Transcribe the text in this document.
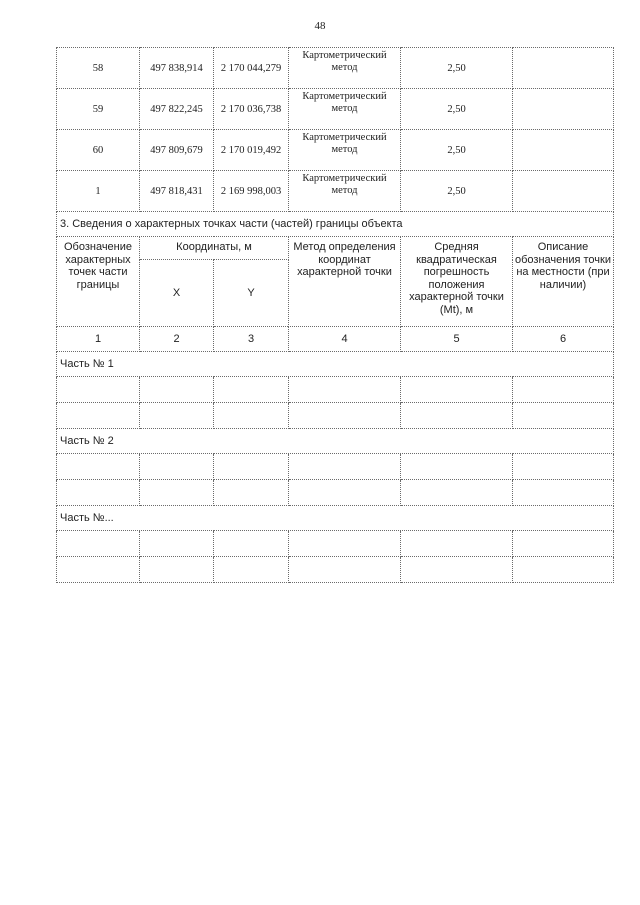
48
58	497 838,914	2 170 044,279	Картометрический метод	2,50	
59	497 822,245	2 170 036,738	Картометрический метод	2,50	
60	497 809,679	2 170 019,492	Картометрический метод	2,50	
1	497 818,431	2 169 998,003	Картометрический метод	2,50	
3. Сведения о характерных точках части (частей) границы объекта					
Обозначение характерных точек части границы	Координаты, м		Метод определения координат характерной точки	Средняя квадратическая погрешность положения характерной точки (Mt), м	Описание обозначения точки на местности (при наличии)
	X	Y			
1	2	3	4	5	6
Часть № 1					

Часть № 2					

Часть №...					
